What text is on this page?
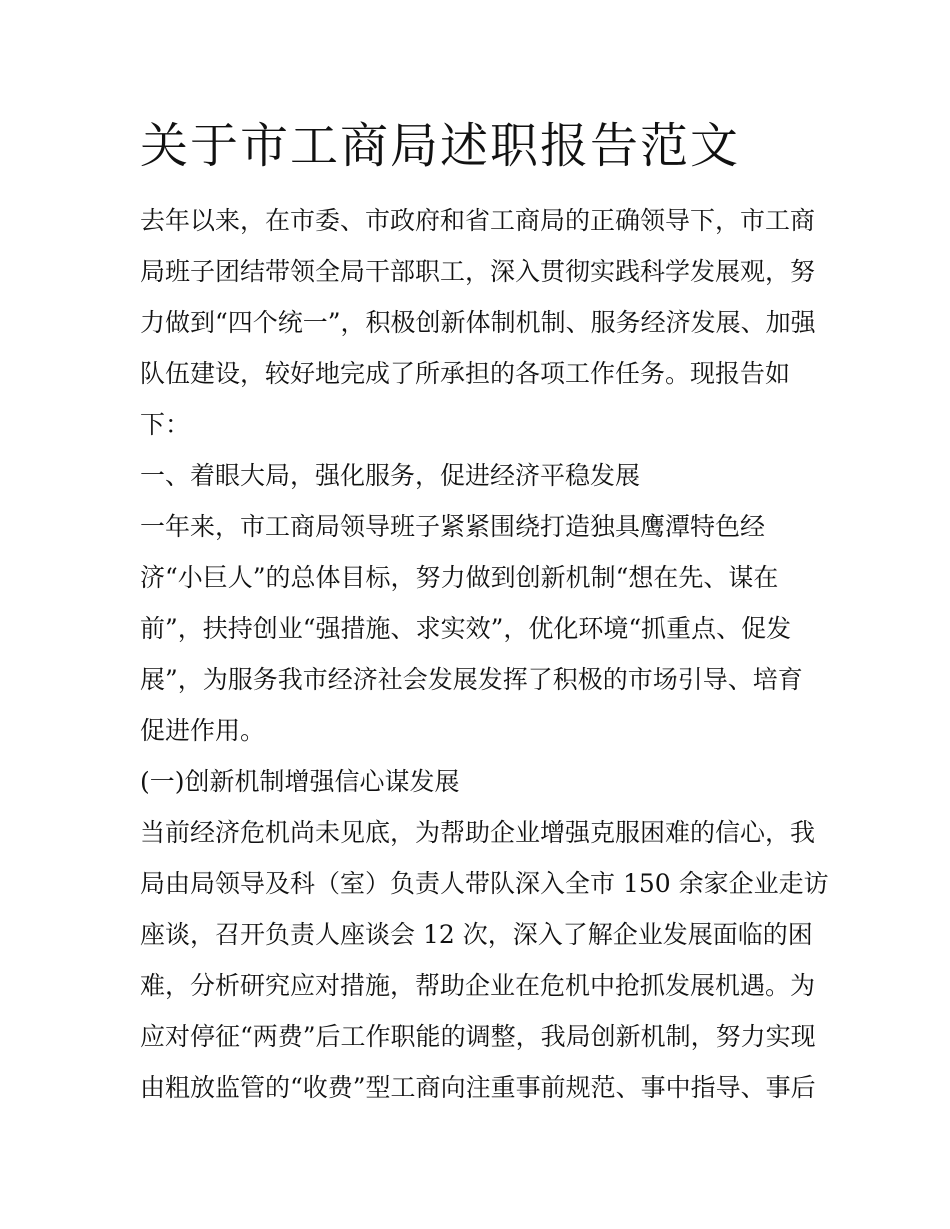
关于市工商局述职报告范文

去年以来，在市委、市政府和省工商局的正确领导下，市工商

局班子团结带领全局干部职工，深入贯彻实践科学发展观，努

力做到“四个统一”，积极创新体制机制、服务经济发展、加强

队伍建设，较好地完成了所承担的各项工作任务。现报告如

下：

一、着眼大局，强化服务，促进经济平稳发展

一年来，市工商局领导班子紧紧围绕打造独具鹰潭特色经

济“小巨人”的总体目标，努力做到创新机制“想在先、谋在

前”，扶持创业“强措施、求实效”，优化环境“抓重点、促发

展”，为服务我市经济社会发展发挥了积极的市场引导、培育

促进作用。

(一)创新机制增强信心谋发展

当前经济危机尚未见底，为帮助企业增强克服困难的信心，我

局由局领导及科（室）负责人带队深入全市 150 余家企业走访

座谈，召开负责人座谈会 12 次，深入了解企业发展面临的困

难，分析研究应对措施，帮助企业在危机中抢抓发展机遇。为

应对停征“两费”后工作职能的调整，我局创新机制，努力实现

由粗放监管的“收费”型工商向注重事前规范、事中指导、事后
